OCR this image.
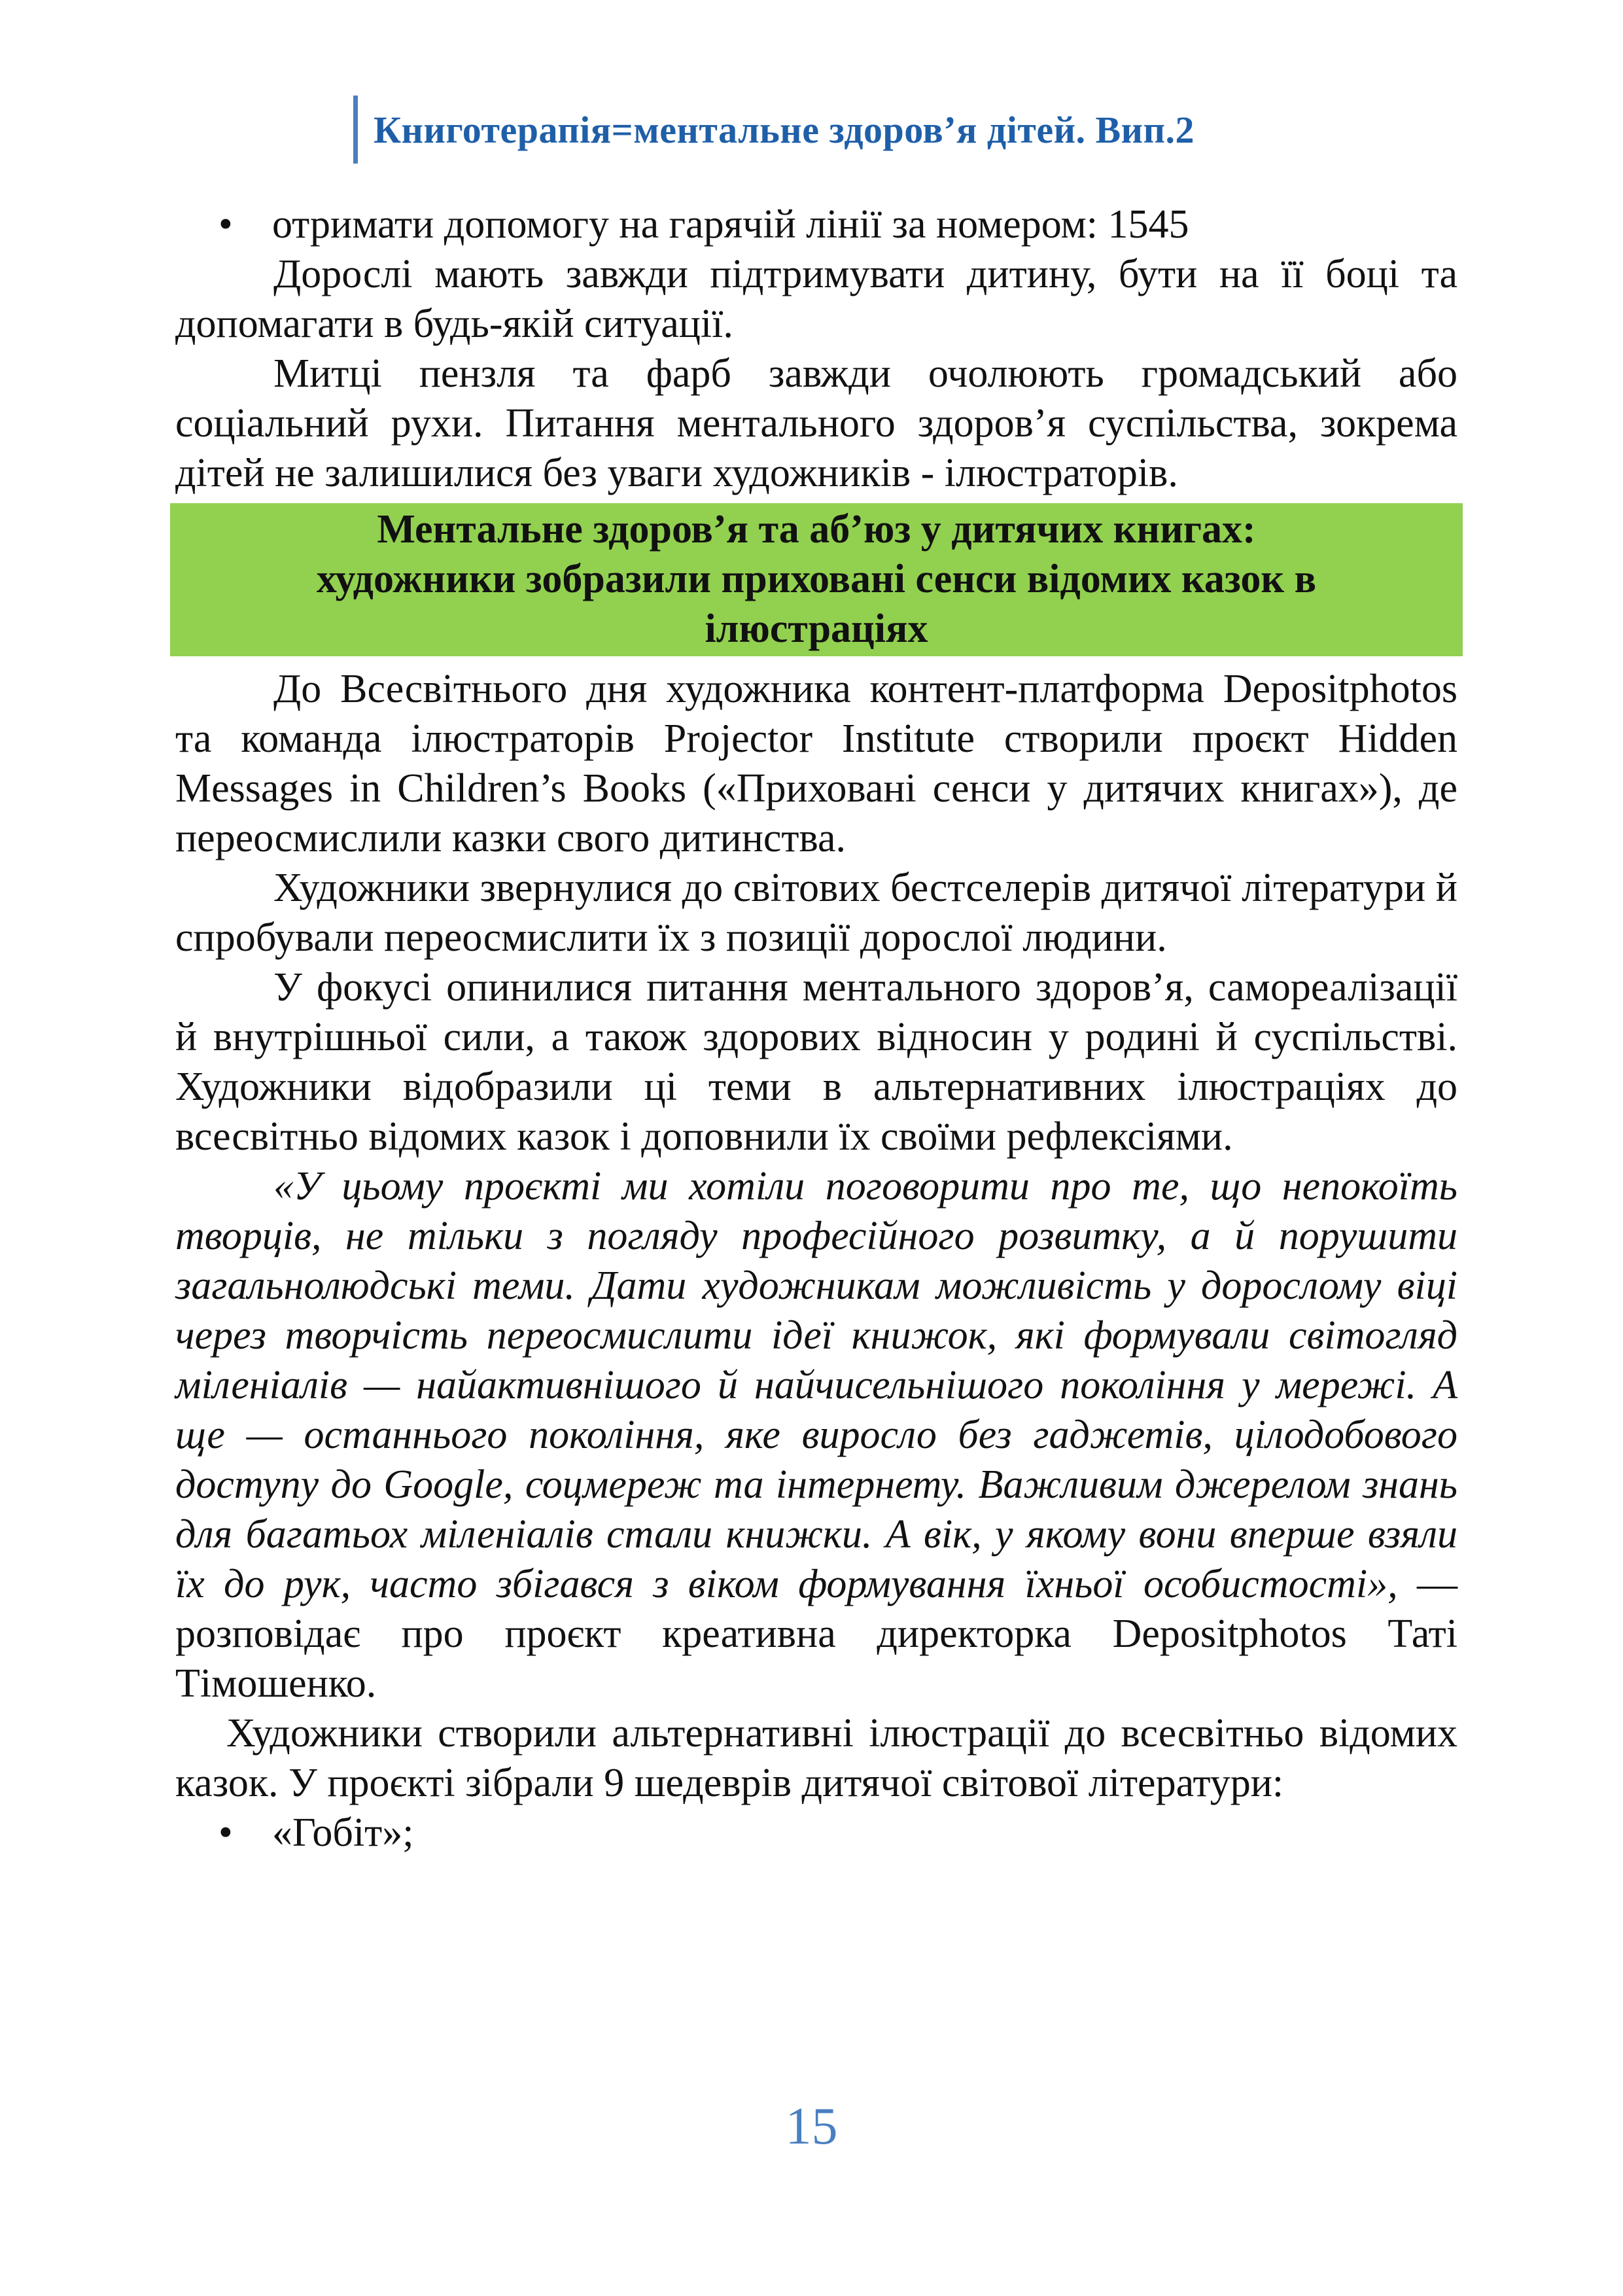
Книготерапія=ментальне здоров’я дітей. Вип.2

• отримати допомогу на гарячій лінії за номером: 1545

Дорослі мають завжди підтримувати дитину, бути на її боці та допомагати в будь-якій ситуації.

Митці пензля та фарб завжди очолюють громадський або соціальний рухи. Питання ментального здоров’я суспільства, зокрема дітей не залишилися без уваги художників - ілюстраторів.

Ментальне здоров’я та аб’юз у дитячих книгах:
художники зобразили приховані сенси відомих казок в
ілюстраціях

До Всесвітнього дня художника контент-платформа Depositphotos та команда ілюстраторів Projector Institute створили проєкт Hidden Messages in Children’s Books («Приховані сенси у дитячих книгах»), де переосмислили казки свого дитинства.

Художники звернулися до світових бестселерів дитячої літератури й спробували переосмислити їх з позиції дорослої людини.

У фокусі опинилися питання ментального здоров’я, самореалізації й внутрішньої сили, а також здорових відносин у родині й суспільстві. Художники відобразили ці теми в альтернативних ілюстраціях до всесвітньо відомих казок і доповнили їх своїми рефлексіями.

«У цьому проєкті ми хотіли поговорити про те, що непокоїть творців, не тільки з погляду професійного розвитку, а й порушити загальнолюдські теми. Дати художникам можливість у дорослому віці через творчість переосмислити ідеї книжок, які формували світогляд міленіалів — найактивнішого й найчисельнішого покоління у мережі. А ще — останнього покоління, яке виросло без гаджетів, цілодобового доступу до Google, соцмереж та інтернету. Важливим джерелом знань для багатьох міленіалів стали книжки. А вік, у якому вони вперше взяли їх до рук, часто збігався з віком формування їхньої особистості», — розповідає про проєкт креативна директорка Depositphotos Таті Тімошенко.

Художники створили альтернативні ілюстрації до всесвітньо відомих казок. У проєкті зібрали 9 шедеврів дитячої світової літератури:

• «Гобіт»;

15
